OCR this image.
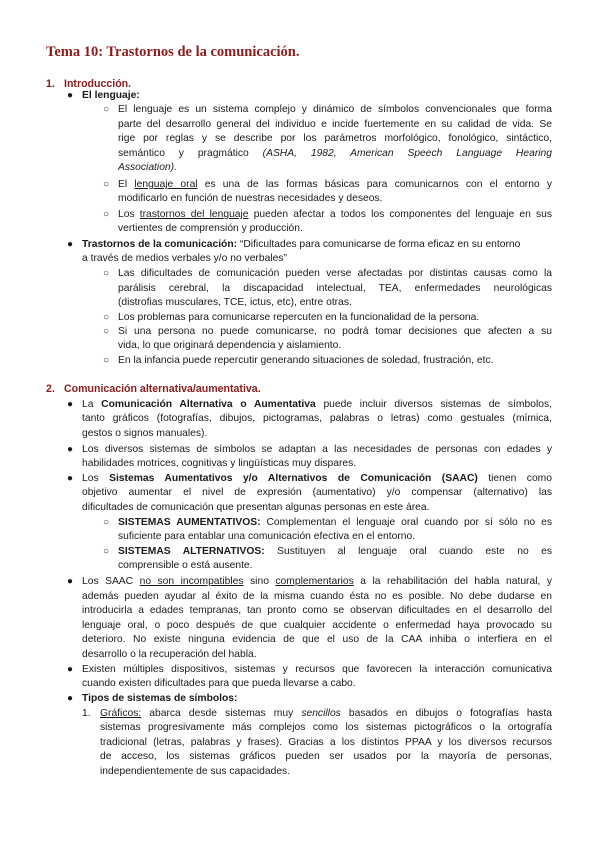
Tema 10: Trastornos de la comunicación.
1. Introducción.
● El lenguaje:
○ El lenguaje es un sistema complejo y dinámico de símbolos convencionales que forma
parte del desarrollo general del individuo e incide fuertemente en su calidad de vida. Se
rige por reglas y se describe por los parámetros morfológico, fonológico, sintáctico,
semántico y pragmático (ASHA, 1982, American Speech Language Hearing
Association).
○ El lenguaje oral es una de las formas básicas para comunicarnos con el entorno y
modificarlo en función de nuestras necesidades y deseos.
○ Los trastornos del lenguaje pueden afectar a todos los componentes del lenguaje en sus
vertientes de comprensión y producción.
● Trastornos de la comunicación: “Dificultades para comunicarse de forma eficaz en su entorno
a través de medios verbales y/o no verbales”
○ Las dificultades de comunicación pueden verse afectadas por distintas causas como la
parálisis cerebral, la discapacidad intelectual, TEA, enfermedades neurológicas
(distrofias musculares, TCE, ictus, etc), entre otras.
○ Los problemas para comunicarse repercuten en la funcionalidad de la persona.
○ Si una persona no puede comunicarse, no podrá tomar decisiones que afecten a su
vida, lo que originará dependencia y aislamiento.
○ En la infancia puede repercutir generando situaciones de soledad, frustración, etc.
2. Comunicación alternativa/aumentativa.
● La Comunicación Alternativa o Aumentativa puede incluir diversos sistemas de símbolos,
tanto gráficos (fotografías, dibujos, pictogramas, palabras o letras) como gestuales (mímica,
gestos o signos manuales).
● Los diversos sistemas de símbolos se adaptan a las necesidades de personas con edades y
habilidades motrices, cognitivas y lingüísticas muy dispares.
● Los Sistemas Aumentativos y/o Alternativos de Comunicación (SAAC) tienen como
objetivo aumentar el nivel de expresión (aumentativo) y/o compensar (alternativo) las
dificultades de comunicación que presentan algunas personas en este área.
○ SISTEMAS AUMENTATIVOS: Complementan el lenguaje oral cuando por sí sólo no es
suficiente para entablar una comunicación efectiva en el entorno.
○ SISTEMAS ALTERNATIVOS: Sustituyen al lenguaje oral cuando este no es
comprensible o está ausente.
● Los SAAC no son incompatibles sino complementarios a la rehabilitación del habla natural, y
además pueden ayudar al éxito de la misma cuando ésta no es posible. No debe dudarse en
introducirla a edades tempranas, tan pronto como se observan dificultades en el desarrollo del
lenguaje oral, o poco después de que cualquier accidente o enfermedad haya provocado su
deterioro. No existe ninguna evidencia de que el uso de la CAA inhiba o interfiera en el
desarrollo o la recuperación del habla.
● Existen múltiples dispositivos, sistemas y recursos que favorecen la interacción comunicativa
cuando existen dificultades para que pueda llevarse a cabo.
● Tipos de sistemas de símbolos:
1. Gráficos: abarca desde sistemas muy sencillos basados en dibujos o fotografías hasta
sistemas progresivamente más complejos como los sistemas pictográficos o la ortografía
tradicional (letras, palabras y frases). Gracias a los distintos PPAA y los diversos recursos
de acceso, los sistemas gráficos pueden ser usados por la mayoría de personas,
independientemente de sus capacidades.
